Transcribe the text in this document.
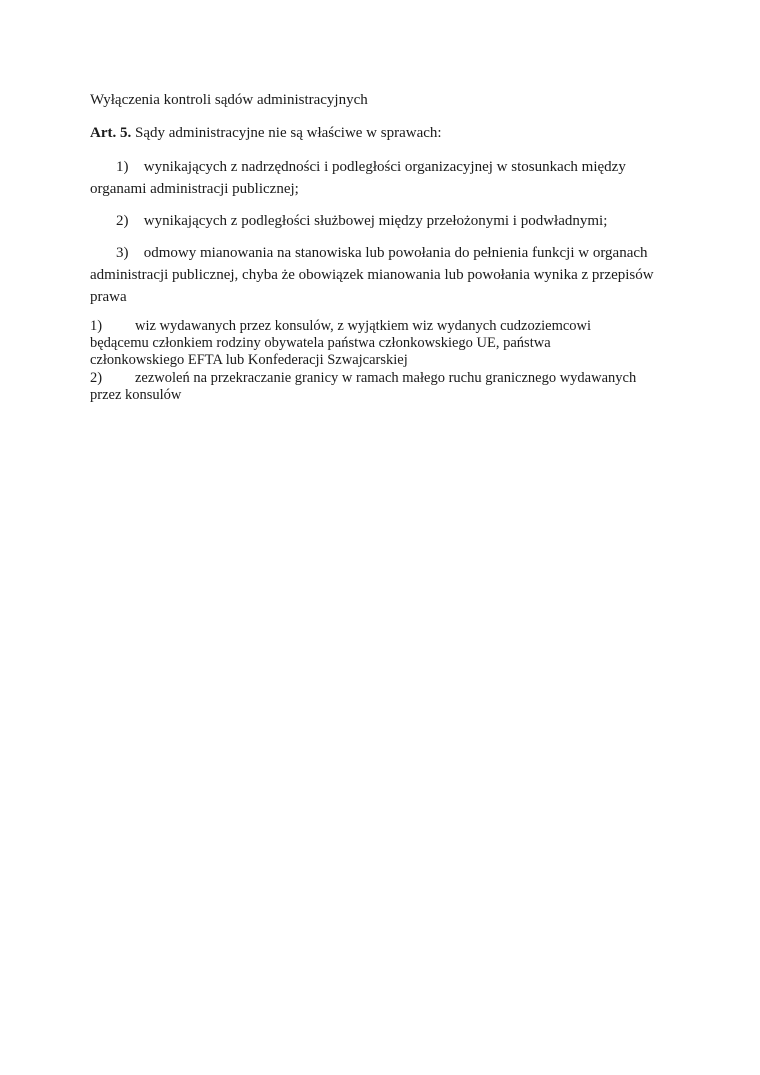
Wyłączenia kontroli sądów administracyjnych
Art. 5. Sądy administracyjne nie są właściwe w sprawach:
1) wynikających z nadrzędności i podległości organizacyjnej w stosunkach między
organami administracji publicznej;
2) wynikających z podległości służbowej między przełożonymi i podwładnymi;
3) odmowy mianowania na stanowiska lub powołania do pełnienia funkcji w organach
administracji publicznej, chyba że obowiązek mianowania lub powołania wynika z przepisów
prawa
1) wiz wydawanych przez konsulów, z wyjątkiem wiz wydanych cudzoziemcowi
będącemu członkiem rodziny obywatela państwa członkowskiego UE, państwa
członkowskiego EFTA lub Konfederacji Szwajcarskiej
2) zezwoleń na przekraczanie granicy w ramach małego ruchu granicznego wydawanych
przez konsulów
